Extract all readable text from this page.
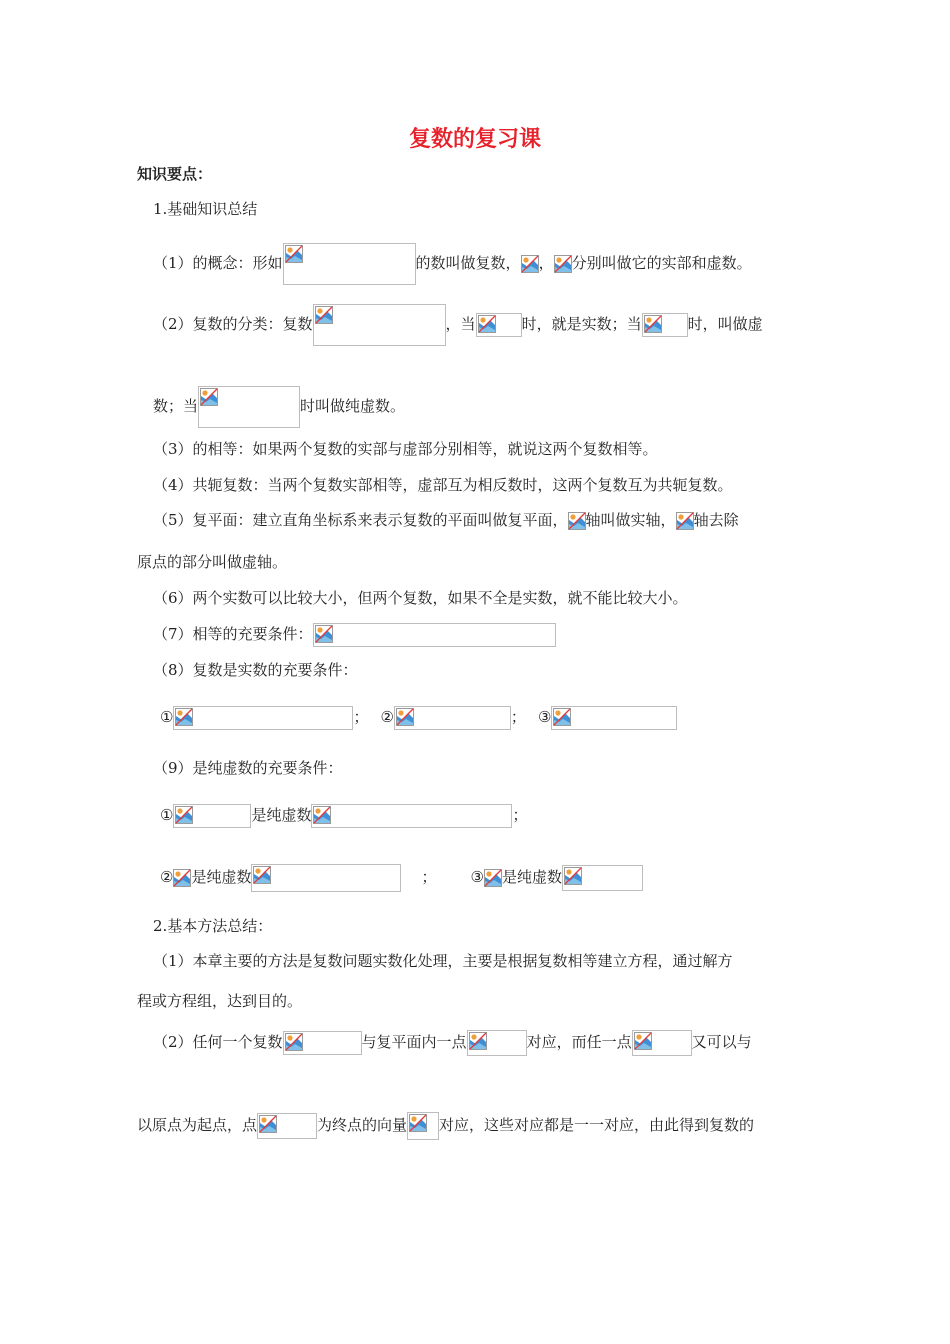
复数的复习课
知识要点：
1.基础知识总结
（1）的概念：形如	的数叫做复数， ， 分别叫做它的实部和虚数。
（2）复数的分类：复数	，当	时，就是实数；当	时，叫做虚
数；当	时叫做纯虚数。
（3）的相等：如果两个复数的实部与虚部分别相等，就说这两个复数相等。
（4）共轭复数：当两个复数实部相等，虚部互为相反数时，这两个复数互为共轭复数。
（5）复平面：建立直角坐标系来表示复数的平面叫做复平面， 轴叫做实轴， 轴去除
原点的部分叫做虚轴。
（6）两个实数可以比较大小，但两个复数，如果不全是实数，就不能比较大小。
（7）相等的充要条件：
（8）复数是实数的充要条件：
①	； ②	； ③
（9）是纯虚数的充要条件：
①	是纯虚数	；
② 是纯虚数	； ③ 是纯虚数
2.基本方法总结：
（1）本章主要的方法是复数问题实数化处理，主要是根据复数相等建立方程，通过解方
程或方程组，达到目的。
（2）任何一个复数	与复平面内一点	对应，而任一点	又可以与
以原点为起点，点	为终点的向量 对应，这些对应都是一一对应，由此得到复数的
